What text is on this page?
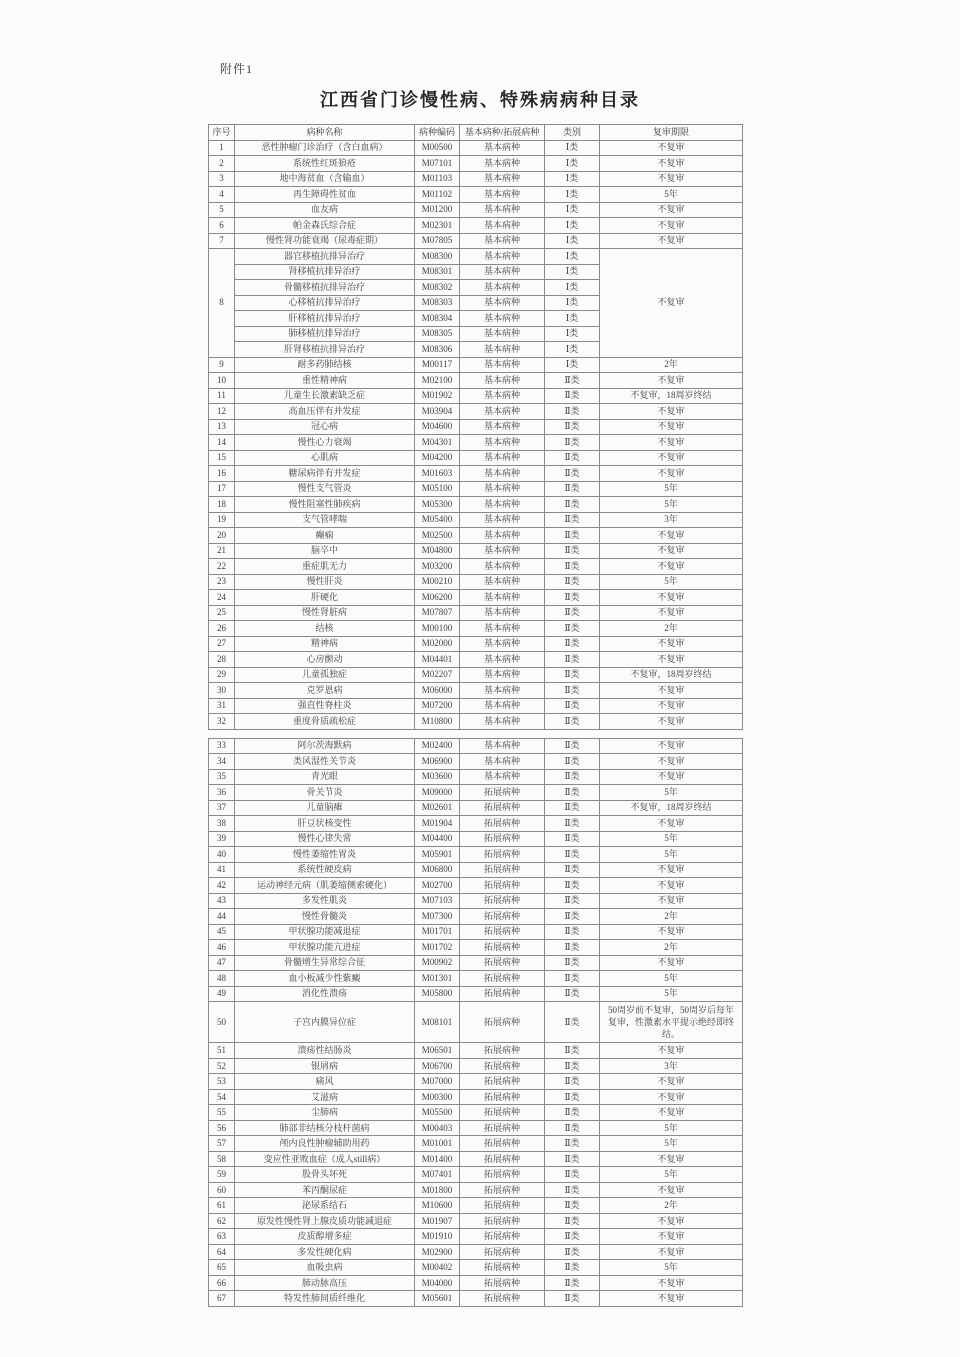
附件1
江西省门诊慢性病、特殊病病种目录
序号	病种名称	病种编码	基本病种/拓展病种	类别	复审期限
1	恶性肿瘤门诊治疗（含白血病）	M00500	基本病种	Ⅰ类	不复审
2	系统性红斑狼疮	M07101	基本病种	Ⅰ类	不复审
3	地中海贫血（含输血）	M01103	基本病种	Ⅰ类	不复审
4	再生障碍性贫血	M01102	基本病种	Ⅰ类	5年
5	血友病	M01200	基本病种	Ⅰ类	不复审
6	帕金森氏综合症	M02301	基本病种	Ⅰ类	不复审
7	慢性肾功能衰竭（尿毒症期）	M07805	基本病种	Ⅰ类	不复审
8	器官移植抗排异治疗	M08300	基本病种	Ⅰ类	不复审
	肾移植抗排异治疗	M08301	基本病种	Ⅰ类	
	骨髓移植抗排异治疗	M08302	基本病种	Ⅰ类	
	心移植抗排异治疗	M08303	基本病种	Ⅰ类	
	肝移植抗排异治疗	M08304	基本病种	Ⅰ类	
	肺移植抗排异治疗	M08305	基本病种	Ⅰ类	
	肝肾移植抗排异治疗	M08306	基本病种	Ⅰ类	
9	耐多药肺结核	M00117	基本病种	Ⅰ类	2年
10	重性精神病	M02100	基本病种	Ⅱ类	不复审
11	儿童生长激素缺乏症	M01902	基本病种	Ⅱ类	不复审，18周岁终结
12	高血压伴有并发症	M03904	基本病种	Ⅱ类	不复审
13	冠心病	M04600	基本病种	Ⅱ类	不复审
14	慢性心力衰竭	M04301	基本病种	Ⅱ类	不复审
15	心肌病	M04200	基本病种	Ⅱ类	不复审
16	糖尿病伴有并发症	M01603	基本病种	Ⅱ类	不复审
17	慢性支气管炎	M05100	基本病种	Ⅱ类	5年
18	慢性阻塞性肺疾病	M05300	基本病种	Ⅱ类	5年
19	支气管哮喘	M05400	基本病种	Ⅱ类	3年
20	癫痫	M02500	基本病种	Ⅱ类	不复审
21	脑卒中	M04800	基本病种	Ⅱ类	不复审
22	重症肌无力	M03200	基本病种	Ⅱ类	不复审
23	慢性肝炎	M00210	基本病种	Ⅱ类	5年
24	肝硬化	M06200	基本病种	Ⅱ类	不复审
25	慢性肾脏病	M07807	基本病种	Ⅱ类	不复审
26	结核	M00100	基本病种	Ⅱ类	2年
27	精神病	M02000	基本病种	Ⅱ类	不复审
28	心房颤动	M04401	基本病种	Ⅱ类	不复审
29	儿童孤独症	M02207	基本病种	Ⅱ类	不复审，18周岁终结
30	克罗恩病	M06000	基本病种	Ⅱ类	不复审
31	强直性脊柱炎	M07200	基本病种	Ⅱ类	不复审
32	重度骨质疏松症	M10800	基本病种	Ⅱ类	不复审
33	阿尔茨海默病	M02400	基本病种	Ⅱ类	不复审
34	类风湿性关节炎	M06900	基本病种	Ⅱ类	不复审
35	青光眼	M03600	基本病种	Ⅱ类	不复审
36	骨关节炎	M09000	拓展病种	Ⅱ类	5年
37	儿童脑瘫	M02601	拓展病种	Ⅱ类	不复审，18周岁终结
38	肝豆状核变性	M01904	拓展病种	Ⅱ类	不复审
39	慢性心律失常	M04400	拓展病种	Ⅱ类	5年
40	慢性萎缩性胃炎	M05901	拓展病种	Ⅱ类	5年
41	系统性硬皮病	M06800	拓展病种	Ⅱ类	不复审
42	运动神经元病（肌萎缩侧索硬化）	M02700	拓展病种	Ⅱ类	不复审
43	多发性肌炎	M07103	拓展病种	Ⅱ类	不复审
44	慢性骨髓炎	M07300	拓展病种	Ⅱ类	2年
45	甲状腺功能减退症	M01701	拓展病种	Ⅱ类	不复审
46	甲状腺功能亢进症	M01702	拓展病种	Ⅱ类	2年
47	骨髓增生异常综合征	M00902	拓展病种	Ⅱ类	不复审
48	血小板减少性紫癜	M01301	拓展病种	Ⅱ类	5年
49	消化性溃疡	M05800	拓展病种	Ⅱ类	5年
50	子宫内膜异位症	M08101	拓展病种	Ⅱ类	50周岁前不复审，50周岁后每年复审，性激素水平提示绝经即终结。
51	溃疡性结肠炎	M06501	拓展病种	Ⅱ类	不复审
52	银屑病	M06700	拓展病种	Ⅱ类	3年
53	痛风	M07000	拓展病种	Ⅱ类	不复审
54	艾滋病	M00300	拓展病种	Ⅱ类	不复审
55	尘肺病	M05500	拓展病种	Ⅱ类	不复审
56	肺部非结核分枝杆菌病	M00403	拓展病种	Ⅱ类	5年
57	颅内良性肿瘤辅助用药	M01001	拓展病种	Ⅱ类	5年
58	变应性亚败血症（成人still病）	M01400	拓展病种	Ⅱ类	不复审
59	股骨头坏死	M07401	拓展病种	Ⅱ类	5年
60	苯丙酮尿症	M01800	拓展病种	Ⅱ类	不复审
61	泌尿系结石	M10600	拓展病种	Ⅱ类	2年
62	原发性慢性肾上腺皮质功能减退症	M01907	拓展病种	Ⅱ类	不复审
63	皮质醇增多症	M01910	拓展病种	Ⅱ类	不复审
64	多发性硬化病	M02900	拓展病种	Ⅱ类	不复审
65	血吸虫病	M00402	拓展病种	Ⅱ类	5年
66	肺动脉高压	M04000	拓展病种	Ⅱ类	不复审
67	特发性肺间质纤维化	M05601	拓展病种	Ⅱ类	不复审
